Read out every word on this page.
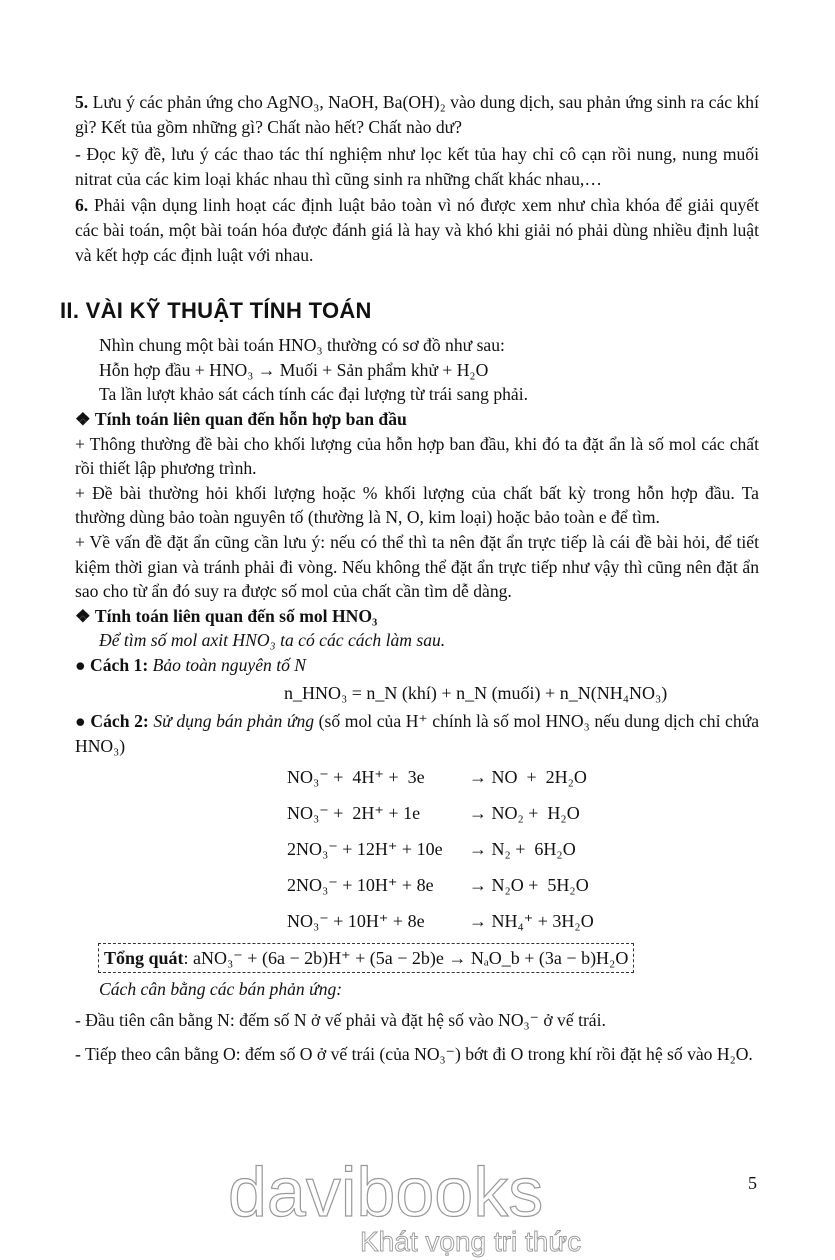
5. Lưu ý các phản ứng cho AgNO₃, NaOH, Ba(OH)₂ vào dung dịch, sau phản ứng sinh ra các khí gì? Kết tủa gồm những gì? Chất nào hết? Chất nào dư?
- Đọc kỹ đề, lưu ý các thao tác thí nghiệm như lọc kết tủa hay chỉ cô cạn rồi nung, nung muối nitrat của các kim loại khác nhau thì cũng sinh ra những chất khác nhau,…
6. Phải vận dụng linh hoạt các định luật bảo toàn vì nó được xem như chìa khóa để giải quyết các bài toán, một bài toán hóa được đánh giá là hay và khó khi giải nó phải dùng nhiều định luật và kết hợp các định luật với nhau.
II. VÀI KỸ THUẬT TÍNH TOÁN
Nhìn chung một bài toán HNO₃ thường có sơ đồ như sau:
Hỗn hợp đầu + HNO₃ → Muối + Sản phẩm khử + H₂O
Ta lần lượt khảo sát cách tính các đại lượng từ trái sang phải.
❖ Tính toán liên quan đến hỗn hợp ban đầu
+ Thông thường đề bài cho khối lượng của hỗn hợp ban đầu, khi đó ta đặt ẩn là số mol các chất rồi thiết lập phương trình.
+ Đề bài thường hỏi khối lượng hoặc % khối lượng của chất bất kỳ trong hỗn hợp đầu. Ta thường dùng bảo toàn nguyên tố (thường là N, O, kim loại) hoặc bảo toàn e để tìm.
+ Về vấn đề đặt ẩn cũng cần lưu ý: nếu có thể thì ta nên đặt ẩn trực tiếp là cái đề bài hỏi, để tiết kiệm thời gian và tránh phải đi vòng. Nếu không thể đặt ẩn trực tiếp như vậy thì cũng nên đặt ẩn sao cho từ ẩn đó suy ra được số mol của chất cần tìm dễ dàng.
❖ Tính toán liên quan đến số mol HNO₃
Để tìm số mol axit HNO₃ ta có các cách làm sau.
● Cách 1: Bảo toàn nguyên tố N
n_HNO₃ = n_N (khí) + n_N (muối) + n_N(NH₄NO₃)
● Cách 2: Sử dụng bán phản ứng (số mol của H⁺ chính là số mol HNO₃ nếu dung dịch chỉ chứa HNO₃)
NO₃⁻ +  4H⁺ +  3e → NO  +  2H₂O
NO₃⁻ +  2H⁺ + 1e	→ NO₂ +  H₂O
2NO₃⁻ + 12H⁺ + 10e → N₂ +  6H₂O
2NO₃⁻ + 10H⁺ + 8e → N₂O +  5H₂O
NO₃⁻ + 10H⁺ + 8e → NH₄⁺ + 3H₂O
Tổng quát: aNO₃⁻ + (6a − 2b)H⁺ + (5a − 2b)e → NₐO_b + (3a − b)H₂O
Cách cân bằng các bán phản ứng:
- Đầu tiên cân bằng N: đếm số N ở vế phải và đặt hệ số vào NO₃⁻ ở vế trái.
- Tiếp theo cân bằng O: đếm số O ở vế trái (của NO₃⁻) bớt đi O trong khí rồi đặt hệ số vào H₂O.
davibooks
Khát vọng tri thức
5
